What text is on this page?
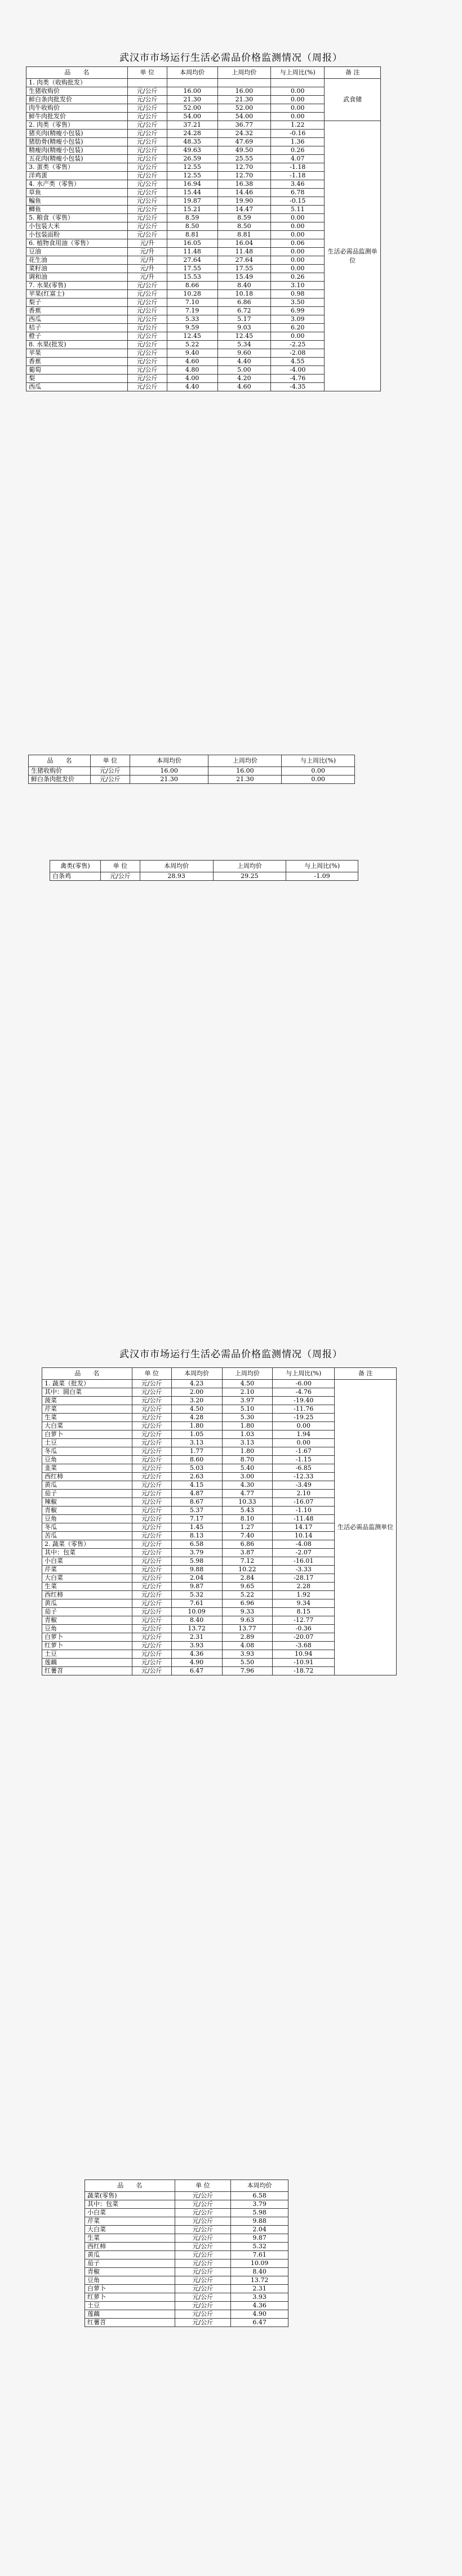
武汉市市场运行生活必需品价格监测情况（周报）
品　　名	单 位	本周均价	上周均价	与上周比(%)	备 注
1. 肉类（收购批发）					武食储
生猪收购价	元/公斤	16.00	16.00	0.00	
鲜白条肉批发价	元/公斤	21.30	21.30	0.00	
肉牛收购价	元/公斤	52.00	52.00	0.00	
鲜牛肉批发价	元/公斤	54.00	54.00	0.00	
2. 肉类（零售）	元/公斤	37.21	36.77	1.22	生活必需品监测单位
猪夹肉(精瘦小包装)	元/公斤	24.28	24.32	-0.16	
猪肋骨(精瘦小包装)	元/公斤	48.35	47.69	1.36	
精瘦肉(精瘦小包装)	元/公斤	49.63	49.50	0.26	
五花肉(精瘦小包装)	元/公斤	26.59	25.55	4.07	
3. 蛋类（零售）	元/公斤	12.55	12.70	-1.18	
洋鸡蛋	元/公斤	12.55	12.70	-1.18	
4. 水产类（零售）	元/公斤	16.94	16.38	3.46	
草鱼	元/公斤	15.44	14.46	6.78	
鳊鱼	元/公斤	19.87	19.90	-0.15	
鲫鱼	元/公斤	15.21	14.47	5.11	
5. 粮食（零售）	元/公斤	8.59	8.59	0.00	
小包装大米	元/公斤	8.50	8.50	0.00	
小包装面粉	元/公斤	8.81	8.81	0.00	
6. 植物食用油（零售）	元/升	16.05	16.04	0.06	
豆油	元/升	11.48	11.48	0.00	
花生油	元/升	27.64	27.64	0.00	
菜籽油	元/升	17.55	17.55	0.00	
调和油	元/升	15.53	15.49	0.26	
7. 水果(零售)	元/公斤	8.66	8.40	3.10	
苹果(红富士)	元/公斤	10.28	10.18	0.98	
梨子	元/公斤	7.10	6.86	3.50	
香蕉	元/公斤	7.19	6.72	6.99	
西瓜	元/公斤	5.33	5.17	3.09	
桔子	元/公斤	9.59	9.03	6.20	
橙子	元/公斤	12.45	12.45	0.00	
8. 水果(批发)	元/公斤	5.22	5.34	-2.25	
苹果	元/公斤	9.40	9.60	-2.08	
香蕉	元/公斤	4.60	4.40	4.55	
葡萄	元/公斤	4.80	5.00	-4.00	
梨	元/公斤	4.00	4.20	-4.76	
西瓜	元/公斤	4.40	4.60	-4.35	
品　　名	单 位	本周均价	上周均价	与上周比(%)
生猪收购价	元/公斤	16.00	16.00	0.00
鲜白条肉批发价	元/公斤	21.30	21.30	0.00
禽类(零售)	单 位	本周均价	上周均价	与上周比(%)
白条鸡	元/公斤	28.93	29.25	-1.09
武汉市市场运行生活必需品价格监测情况（周报）
品　　名	单 位	本周均价	上周均价	与上周比(%)	备 注
1. 蔬菜（批发）	元/公斤	4.23	4.50	-6.00	生活必需品监测单位
其中：圆白菜	元/公斤	2.00	2.10	-4.76	
菠菜	元/公斤	3.20	3.97	-19.40	
芹菜	元/公斤	4.50	5.10	-11.76	
生菜	元/公斤	4.28	5.30	-19.25	
大白菜	元/公斤	1.80	1.80	0.00	
白萝卜	元/公斤	1.05	1.03	1.94	
土豆	元/公斤	3.13	3.13	0.00	
冬瓜	元/公斤	1.77	1.80	-1.67	
豆角	元/公斤	8.60	8.70	-1.15	
韭菜	元/公斤	5.03	5.40	-6.85	
西红柿	元/公斤	2.63	3.00	-12.33	
黄瓜	元/公斤	4.15	4.30	-3.49	
茄子	元/公斤	4.87	4.77	2.10	
辣椒	元/公斤	8.67	10.33	-16.07	
青椒	元/公斤	5.37	5.43	-1.10	
豆角	元/公斤	7.17	8.10	-11.48	
冬瓜	元/公斤	1.45	1.27	14.17	
苦瓜	元/公斤	8.13	7.40	10.14	
2. 蔬菜（零售）	元/公斤	6.58	6.86	-4.08	
其中：包菜	元/公斤	3.79	3.87	-2.07	
小白菜	元/公斤	5.98	7.12	-16.01	
芹菜	元/公斤	9.88	10.22	-3.33	
大白菜	元/公斤	2.04	2.84	-28.17	
生菜	元/公斤	9.87	9.65	2.28	
西红柿	元/公斤	5.32	5.22	1.92	
黄瓜	元/公斤	7.61	6.96	9.34	
茄子	元/公斤	10.09	9.33	8.15	
青椒	元/公斤	8.40	9.63	-12.77	
豆角	元/公斤	13.72	13.77	-0.36	
白萝卜	元/公斤	2.31	2.89	-20.07	
红萝卜	元/公斤	3.93	4.08	-3.68	
土豆	元/公斤	4.36	3.93	10.94	
莲藕	元/公斤	4.90	5.50	-10.91	
红薯苕	元/公斤	6.47	7.96	-18.72	
品　　名	单 位	本周均价
蔬菜(零售)	元/公斤	6.58
其中：包菜	元/公斤	3.79
小白菜	元/公斤	5.98
芹菜	元/公斤	9.88
大白菜	元/公斤	2.04
生菜	元/公斤	9.87
西红柿	元/公斤	5.32
黄瓜	元/公斤	7.61
茄子	元/公斤	10.09
青椒	元/公斤	8.40
豆角	元/公斤	13.72
白萝卜	元/公斤	2.31
红萝卜	元/公斤	3.93
土豆	元/公斤	4.36
莲藕	元/公斤	4.90
红薯苕	元/公斤	6.47
